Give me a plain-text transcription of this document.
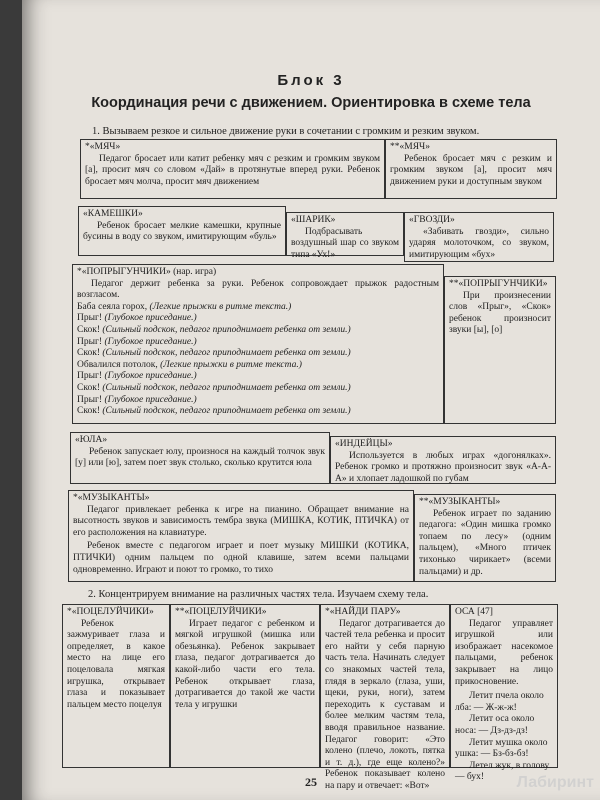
Блок 3
Координация речи с движением. Ориентировка в схеме тела
1. Вызываем резкое и сильное движение руки в сочетании с громким и резким звуком.
*«МЯЧ»

Педагог бросает или катит ребенку мяч с резким и громким звуком [а], просит мяч со словом «Дай» в протянутые вперед руки. Ребенок бросает мяч молча, просит мяч движением

**«МЯЧ»

Ребенок бросает мяч с резким и громким звуком [а], просит мяч движением руки и доступным звуком

«КАМЕШКИ»

Ребенок бросает мелкие камешки, крупные бусины в воду со звуком, имитирующим «буль»

«ШАРИК»

Подбрасывать воздушный шар со звуком типа «Ух!»

«ГВОЗДИ»

«Забивать гвозди», сильно ударяя молоточком, со звуком, имитирующим «бух»

*«ПОПРЫГУНЧИКИ» (нар. игра)

Педагог держит ребенка за руки. Ребенок сопровождает прыжок радостным возгласом.

Баба сеяла горох, (Легкие прыжки в ритме текста.)
Прыг! (Глубокое приседание.)
Скок! (Сильный подскок, педагог приподнимает ребенка от земли.)
Прыг! (Глубокое приседание.)
Скок! (Сильный подскок, педагог приподнимает ребенка от земли.)
Обвалился потолок, (Легкие прыжки в ритме текста.)
Прыг! (Глубокое приседание.)
Скок! (Сильный подскок, педагог приподнимает ребенка от земли.)
Прыг! (Глубокое приседание.)
Скок! (Сильный подскок, педагог приподнимает ребенка от земли.)
**«ПОПРЫГУНЧИКИ»

При произнесении слов «Прыг», «Скок» ребенок произносит звуки [ы], [о]

«ЮЛА»

Ребенок запускает юлу, произнося на каждый толчок звук [у] или [ю], затем поет звук столько, сколько крутится юла

«ИНДЕЙЦЫ»

Используется в любых играх «догонялках». Ребенок громко и протяжно произносит звук «А-А-А» и хлопает ладошкой по губам

*«МУЗЫКАНТЫ»

Педагог привлекает ребенка к игре на пианино. Обращает внимание на высотность звуков и зависимость тембра звука (МИШКА, КОТИК, ПТИЧКА) от его расположения на клавиатуре.

Ребенок вместе с педагогом играет и поет музыку МИШКИ (КОТИКА, ПТИЧКИ) одним пальцем по одной клавише, затем всеми пальцами одновременно. Играют и поют то громко, то тихо

**«МУЗЫКАНТЫ»

Ребенок играет по заданию педагога: «Один мишка громко топаем по лесу» (одним пальцем), «Много птичек тихонько чирикает» (всеми пальцами) и др.

2. Концентрируем внимание на различных частях тела. Изучаем схему тела.
*«ПОЦЕЛУЙЧИКИ»

Ребенок зажмуривает глаза и определяет, в какое место на лице его поцеловала мягкая игрушка, открывает глаза и показывает пальцем место поцелуя

**«ПОЦЕЛУЙЧИКИ»

Играет педагог с ребенком и мягкой игрушкой (мишка или обезьянка). Ребенок закрывает глаза, педагог дотрагивается до какой-либо части его тела. Ребенок открывает глаза, дотрагивается до такой же части тела у игрушки

*«НАЙДИ ПАРУ»

Педагог дотрагивается до частей тела ребенка и просит его найти у себя парную часть тела. Начинать следует со знакомых частей тела, глядя в зеркало (глаза, уши, щеки, руки, ноги), затем переходить к суставам и более мелким частям тела, вводя правильное название. Педагог говорит: «Это колено (плечо, локоть, пятка и т. д.), где еще колено?» Ребенок показывает колено на пару и отвечает: «Вот»

ОСА [47]

Педагог управляет игрушкой или изображает насекомое пальцами, ребенок закрывает на лицо прикосновение.

Летит пчела около лба: — Ж-ж-ж!
Летит оса около носа: — Дз-дз-дз!
Летит мушка около ушка: — Бз-бз-бз!
Летел жук, в голову — бух!
25	Лабиринт
